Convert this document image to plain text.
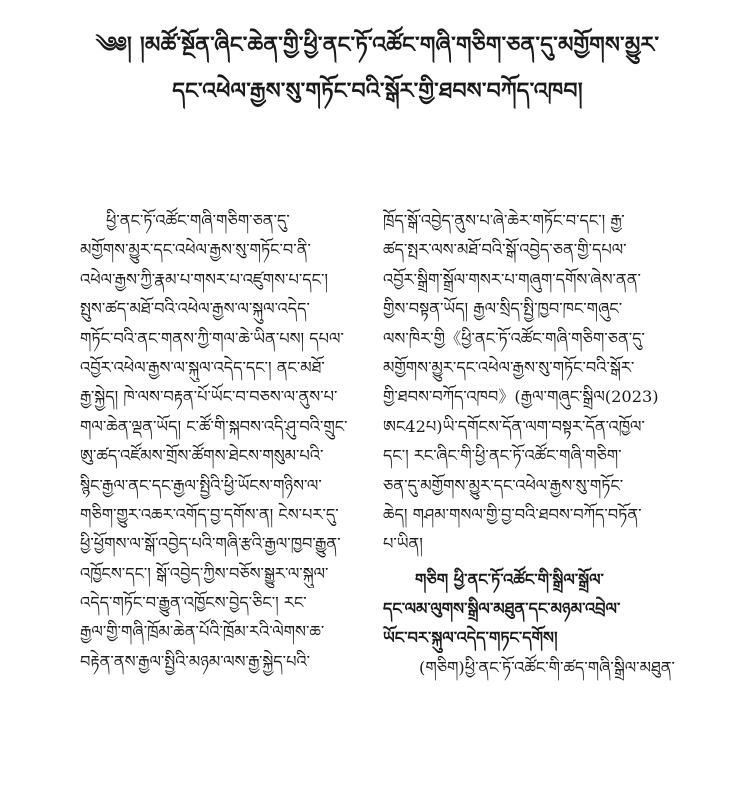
༄༅། །མཚོ་སྔོན་ཞིང་ཆེན་གྱི་ཕྱི་ནང་ཏོ་འཚོང་གཞི་གཅིག་ཅན་དུ་མགྱོགས་མྱུར་
དང་འཕེལ་རྒྱས་སུ་གཏོང་བའི་སྒོར་གྱི་ཐབས་བཀོད་འཁབ།
ཕྱི་ནང་ཏོ་འཚོང་གཞི་གཅིག་ཅན་དུ་
མགྱོགས་མྱུར་དང་འཕེལ་རྒྱས་སུ་གཏོང་བ་ནི་
འཕེལ་རྒྱས་ཀྱི་རྣམ་པ་གསར་པ་འཛུགས་པ་དང་།
སྤུས་ཚད་མཐོ་བའི་འཕེལ་རྒྱས་ལ་སྐུལ་འདེད་
གཏོང་བའི་ནང་གནས་ཀྱི་གལ་ཆེ་ཡིན་པས། དཔལ་
འབྱོར་འཕེལ་རྒྱས་ལ་སྐུལ་འདེད་དང་། ནང་མཐོ་
རྒྱ་སྐྱེད། ཁེ་ལས་བརྟན་པོ་ཡོང་བ་བཅས་ལ་ནུས་པ་
གལ་ཆེན་ལྡན་ཡོད། ང་ཚོ་གི་སྐབས་འདི་ཤུ་བའི་གྲུང་
ཨུ་ཚད་འཛོམས་གྲོས་ཚོགས་ཐེངས་གསུམ་པའི་
སྙིང་རྒྱལ་ནང་དང་རྒྱལ་སྤྱིའི་ཕྱི་ཡོངས་གཉིས་ལ་
གཅིག་གྱུར་འཆར་འགོད་བྱ་དགོས་ན། ངེས་པར་དུ་
ཕྱི་ཕྱོགས་ལ་སྒོ་འབྱེད་པའི་གཞི་རྩའི་རྒྱལ་ཁྱབ་རྒྱུན་
འཁྱོངས་དང་། སྒོ་འབྱེད་ཀྱིས་བཅོས་སྒྱུར་ལ་སྐུལ་
འདེད་གཏོང་བ་རྒྱུན་འཁྱོངས་བྱེད་ཅིང་། རང་
རྒྱལ་གྱི་གཞི་ཁྲོམ་ཆེན་པོའི་ཁྲོམ་རའི་ལེགས་ཆ་
བརྟེན་ནས་རྒྱལ་སྤྱིའི་མཉམ་ལས་རྒྱ་སྐྱེད་པའི་
ཁྲོད་སྒོ་འབྱེད་ནུས་པ་ཞེ་ཆེར་གཏོང་བ་དང་། རྒྱ་
ཚད་སྤར་ལས་མཐོ་བའི་སྒོ་འབྱེད་ཅན་གྱི་དཔལ་
འབྱོར་སྒྲིག་སྒྲོལ་གསར་པ་གཞུག་དགོས་ཞེས་ནན་
གྱིས་བསྟན་ཡོད། རྒྱལ་སྲིད་སྤྱི་ཁྱབ་ཁང་གཞུང་
ལས་ཁིར་གྱི《ཕྱི་ནང་ཏོ་འཚོང་གཞི་གཅིག་ཅན་དུ་
མགྱོགས་མྱུར་དང་འཕེལ་རྒྱས་སུ་གཏོང་བའི་སྒོར་
གྱི་ཐབས་བཀོད་འཁབ》(རྒྱལ་གཞུང་སྒྲིལ(2023)
ཨང42པ)ཡི་དགོངས་དོན་ལག་བསྟར་དོན་འཁྱོལ་
དང་། རང་ཞིང་གི་ཕྱི་ནང་ཏོ་འཚོང་གཞི་གཅིག་
ཅན་དུ་མགྱོགས་མྱུར་དང་འཕེལ་རྒྱས་སུ་གཏོང་
ཆེད། གཤམ་གསལ་གྱི་བྱ་བའི་ཐབས་བཀོད་བཏོན་
པ་ཡིན།
གཅིག ཕྱི་ནང་ཏོ་འཚོང་གི་སྒྲིལ་སྒྲོལ་
དང་ལམ་ལུགས་སྒྲིལ་མཐུན་དང་མཉམ་འབྲེལ་
ཡོང་བར་སྐུལ་འདེད་གཏང་དགོས།
(གཅིག)ཕྱི་ནང་ཏོ་འཚོང་གི་ཚད་གཞི་སྒྲིལ་མཐུན་
